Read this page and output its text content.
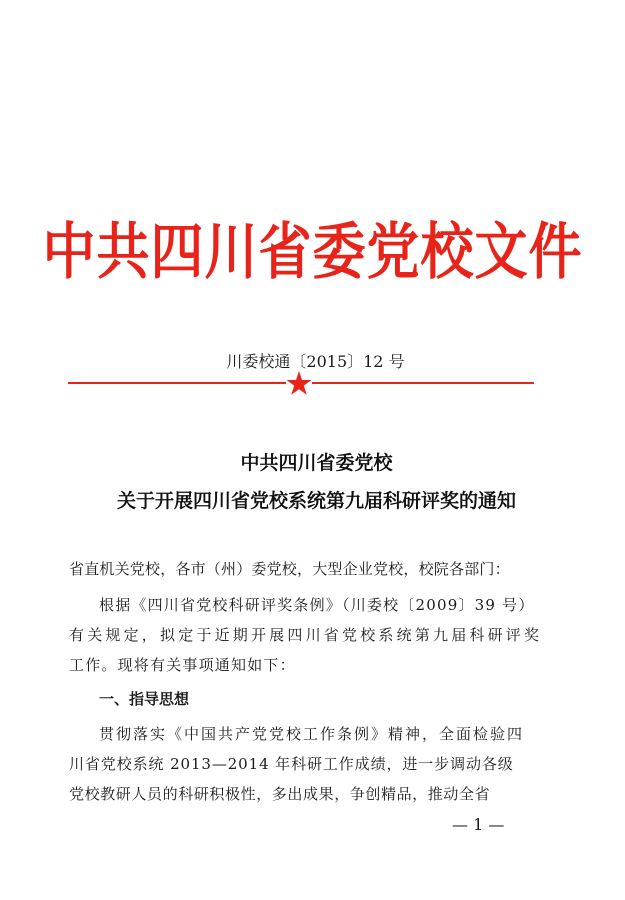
中共四川省委党校文件
川委校通〔2015〕12 号
中共四川省委党校
关于开展四川省党校系统第九届科研评奖的通知
省直机关党校，各市（州）委党校，大型企业党校，校院各部门：
根据《四川省党校科研评奖条例》（川委校〔2009〕39 号）
有关规定，拟定于近期开展四川省党校系统第九届科研评奖
工作。现将有关事项通知如下：
一、指导思想
贯彻落实《中国共产党党校工作条例》精神，全面检验四
川省党校系统 2013—2014 年科研工作成绩，进一步调动各级
党校教研人员的科研积极性，多出成果，争创精品，推动全省
— 1 —
